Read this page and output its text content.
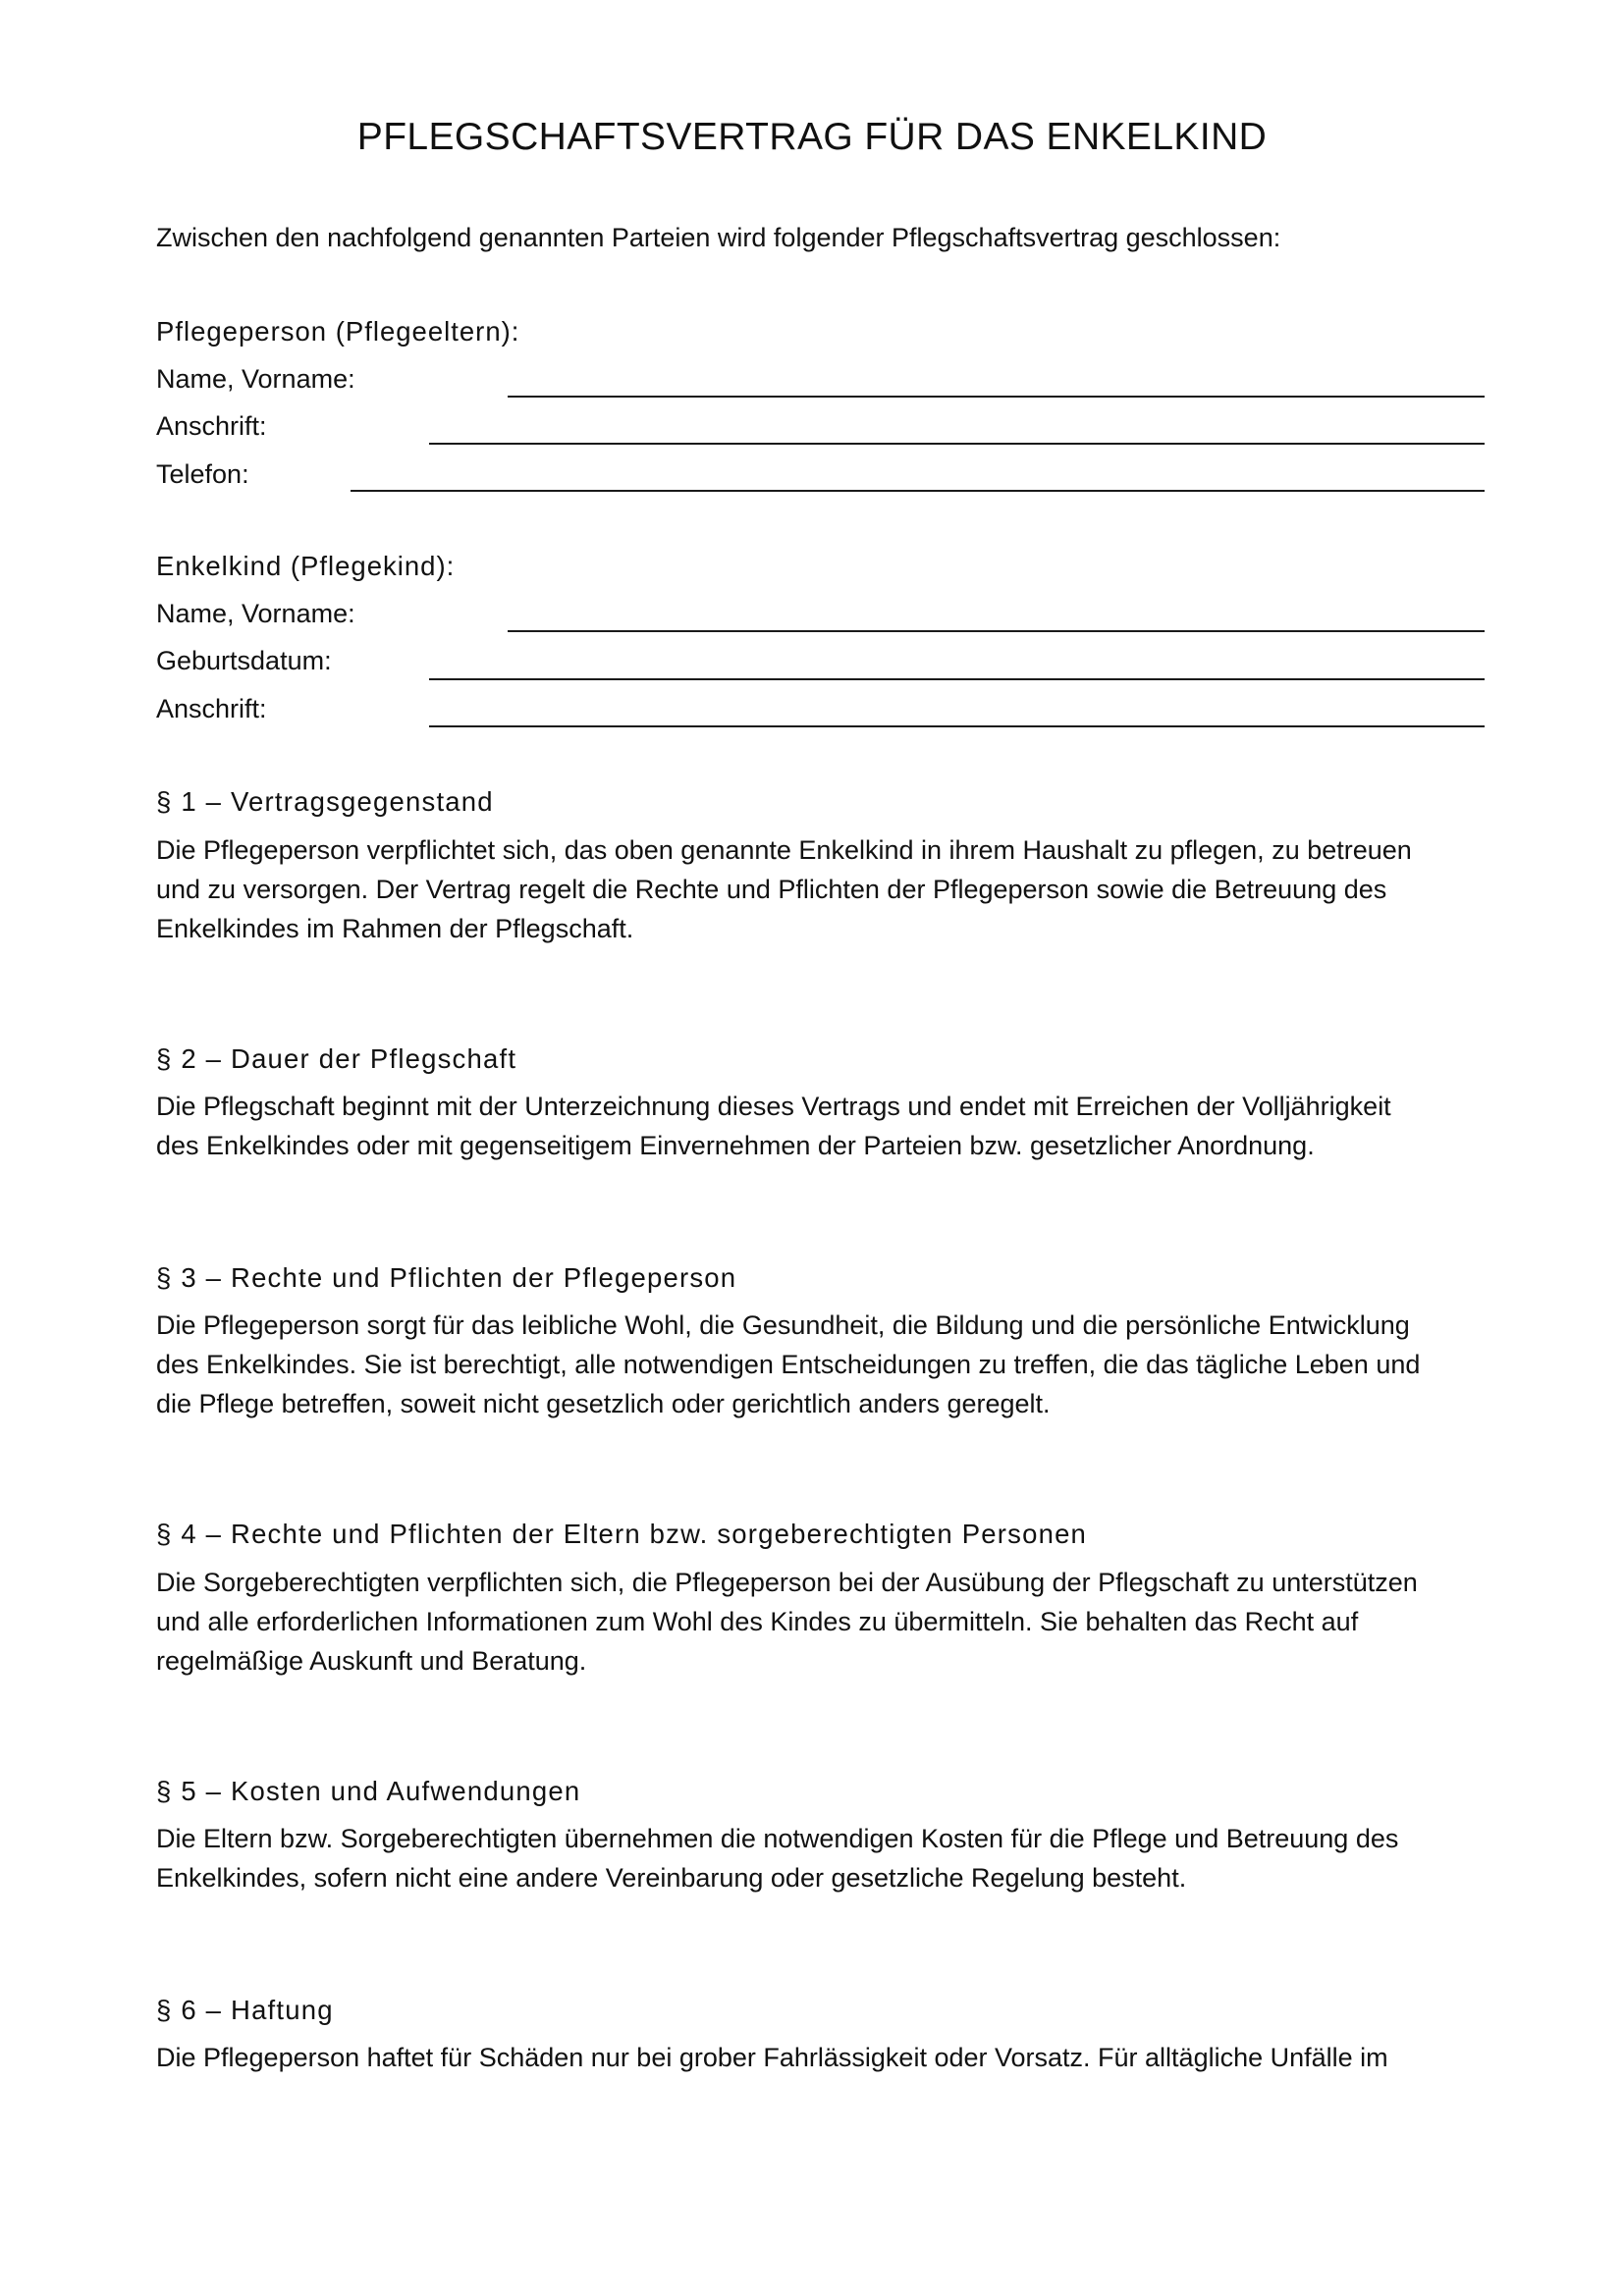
PFLEGSCHAFTSVERTRAG FÜR DAS ENKELKIND
Zwischen den nachfolgend genannten Parteien wird folgender Pflegschaftsvertrag geschlossen:
Pflegeperson (Pflegeeltern):
Name, Vorname:
Anschrift:
Telefon:
Enkelkind (Pflegekind):
Name, Vorname:
Geburtsdatum:
Anschrift:
§ 1 – Vertragsgegenstand
Die Pflegeperson verpflichtet sich, das oben genannte Enkelkind in ihrem Haushalt zu pflegen, zu betreuen
und zu versorgen. Der Vertrag regelt die Rechte und Pflichten der Pflegeperson sowie die Betreuung des
Enkelkindes im Rahmen der Pflegschaft.
§ 2 – Dauer der Pflegschaft
Die Pflegschaft beginnt mit der Unterzeichnung dieses Vertrags und endet mit Erreichen der Volljährigkeit
des Enkelkindes oder mit gegenseitigem Einvernehmen der Parteien bzw. gesetzlicher Anordnung.
§ 3 – Rechte und Pflichten der Pflegeperson
Die Pflegeperson sorgt für das leibliche Wohl, die Gesundheit, die Bildung und die persönliche Entwicklung
des Enkelkindes. Sie ist berechtigt, alle notwendigen Entscheidungen zu treffen, die das tägliche Leben und
die Pflege betreffen, soweit nicht gesetzlich oder gerichtlich anders geregelt.
§ 4 – Rechte und Pflichten der Eltern bzw. sorgeberechtigten Personen
Die Sorgeberechtigten verpflichten sich, die Pflegeperson bei der Ausübung der Pflegschaft zu unterstützen
und alle erforderlichen Informationen zum Wohl des Kindes zu übermitteln. Sie behalten das Recht auf
regelmäßige Auskunft und Beratung.
§ 5 – Kosten und Aufwendungen
Die Eltern bzw. Sorgeberechtigten übernehmen die notwendigen Kosten für die Pflege und Betreuung des
Enkelkindes, sofern nicht eine andere Vereinbarung oder gesetzliche Regelung besteht.
§ 6 – Haftung
Die Pflegeperson haftet für Schäden nur bei grober Fahrlässigkeit oder Vorsatz. Für alltägliche Unfälle im
